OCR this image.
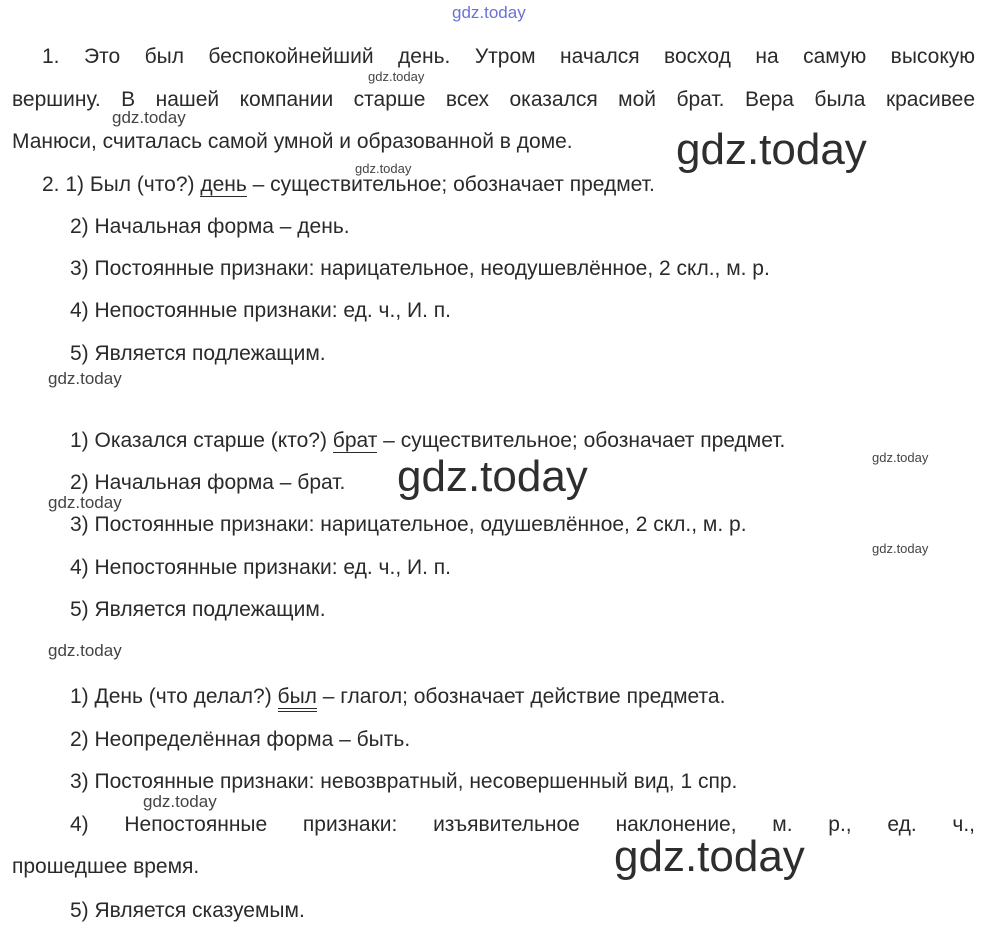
gdz.today
gdz.today
gdz.today
gdz.today
gdz.today
gdz.today
gdz.today
gdz.today
gdz.today
gdz.today
gdz.today
gdz.today
gdz.today
1. Это был беспокойнейший день. Утром начался восход на самую высокую
вершину. В нашей компании старше всех оказался мой брат. Вера была красивее
Манюси, считалась самой умной и образованной в доме.
2. 1) Был (что?) день – существительное; обозначает предмет.
2) Начальная форма – день.
3) Постоянные признаки: нарицательное, неодушевлённое, 2 скл., м. р.
4) Непостоянные признаки: ед. ч., И. п.
5) Является подлежащим.
1) Оказался старше (кто?) брат – существительное; обозначает предмет.
2) Начальная форма – брат.
3) Постоянные признаки: нарицательное, одушевлённое, 2 скл., м. р.
4) Непостоянные признаки: ед. ч., И. п.
5) Является подлежащим.
1) День (что делал?) был – глагол; обозначает действие предмета.
2) Неопределённая форма – быть.
3) Постоянные признаки: невозвратный, несовершенный вид, 1 спр.
4) Непостоянные признаки: изъявительное наклонение, м. р., ед. ч.,
прошедшее время.
5) Является сказуемым.
